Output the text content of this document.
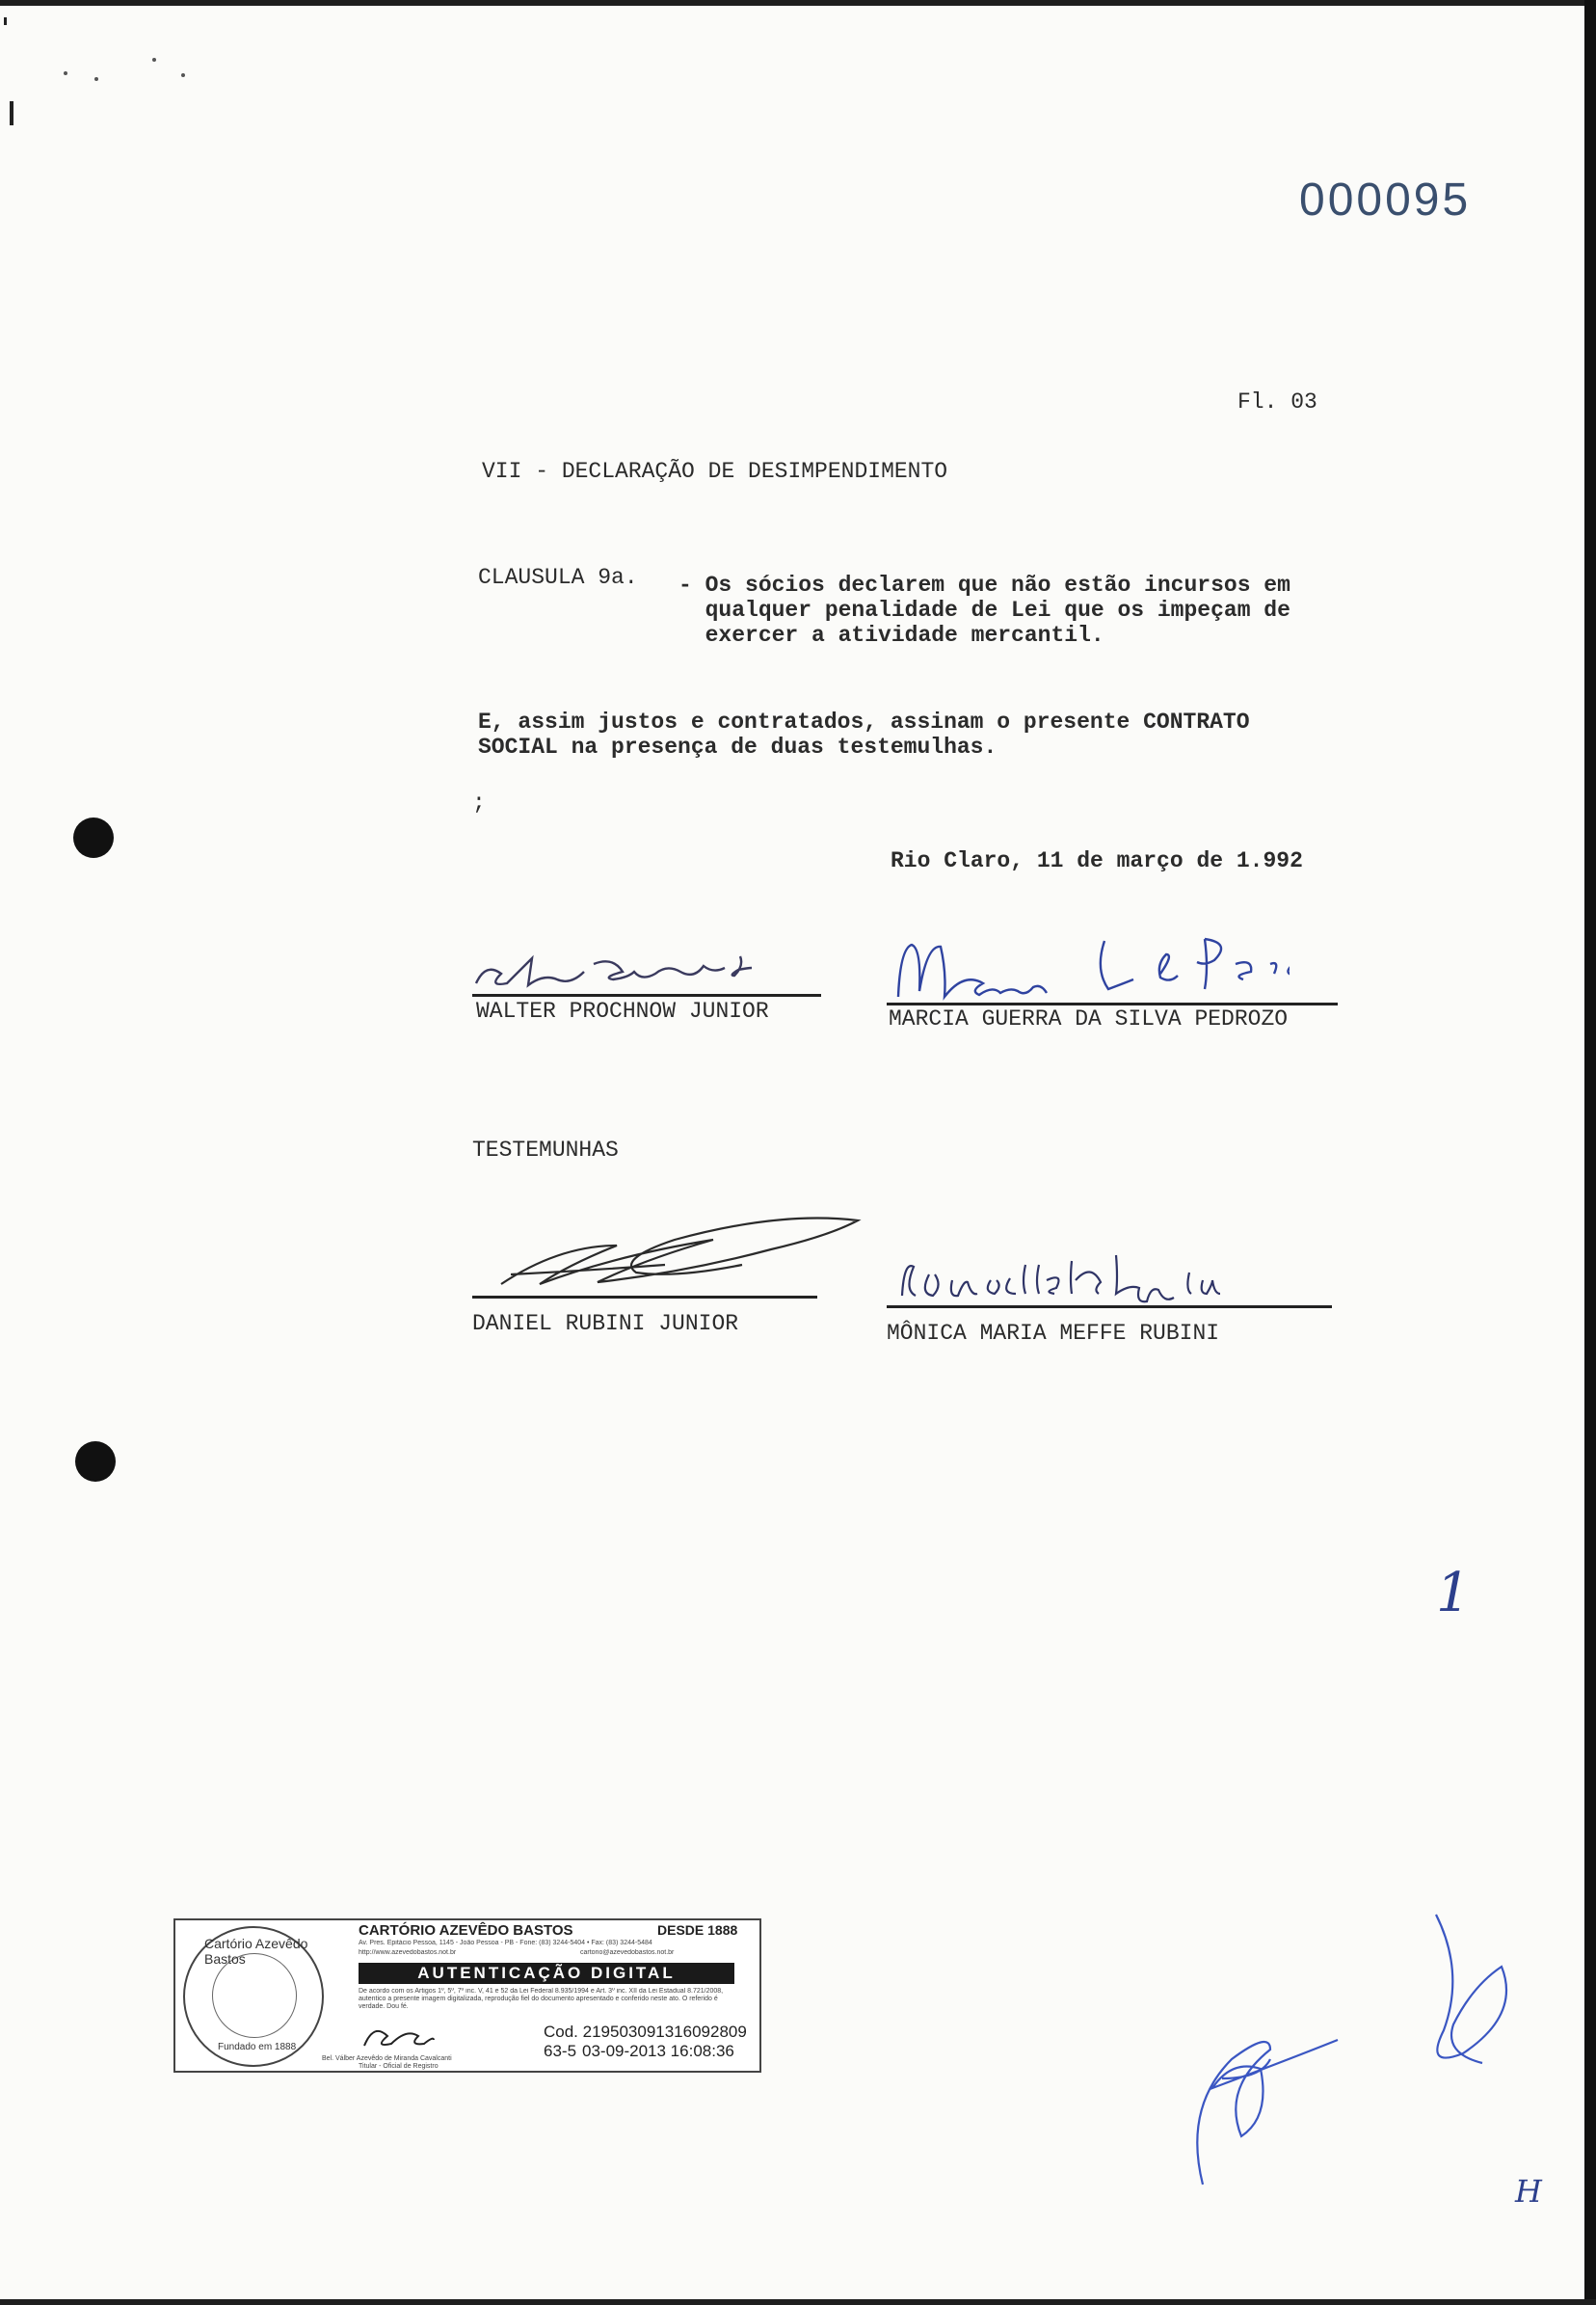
000095
Fl. 03
VII - DECLARAÇÃO DE DESIMPENDIMENTO
CLAUSULA 9a. - Os sócios declarem que não estão incursos em
qualquer penalidade de Lei que os impeçam de
exercer a atividade mercantil.
E, assim justos e contratados, assinam o presente CONTRATO
SOCIAL na presença de duas testemulhas.
;
Rio Claro, 11 de março de 1.992
WALTER PROCHNOW JUNIOR	MARCIA GUERRA DA SILVA PEDROZO
TESTEMUNHAS
DANIEL RUBINI JUNIOR	MÔNICA MARIA MEFFE RUBINI
1
H
Cartório Azevêdo Bastos
Fundado em 1888
CARTÓRIO AZEVÊDO BASTOS	DESDE 1888
Av. Pres. Epitácio Pessoa, 1145 - João Pessoa - PB - Fone: (83) 3244-5404 • Fax: (83) 3244-5484
http://www.azevedobastos.not.br	cartorio@azevedobastos.not.br
AUTENTICAÇÃO DIGITAL
De acordo com os Artigos 1º, 5º, 7º inc. V, 41 e 52 da Lei Federal 8.935/1994 e Art. 3º inc. XII da Lei Estadual 8.721/2008, autentico a presente imagem digitalizada, reprodução fiel do documento apresentado e conferido neste ato. O referido é verdade. Dou fé.
Cod. 219503091316092809 63-5 03-09-2013 16:08:36
Bel. Válber Azevêdo de Miranda Cavalcanti
Titular - Oficial de Registro
